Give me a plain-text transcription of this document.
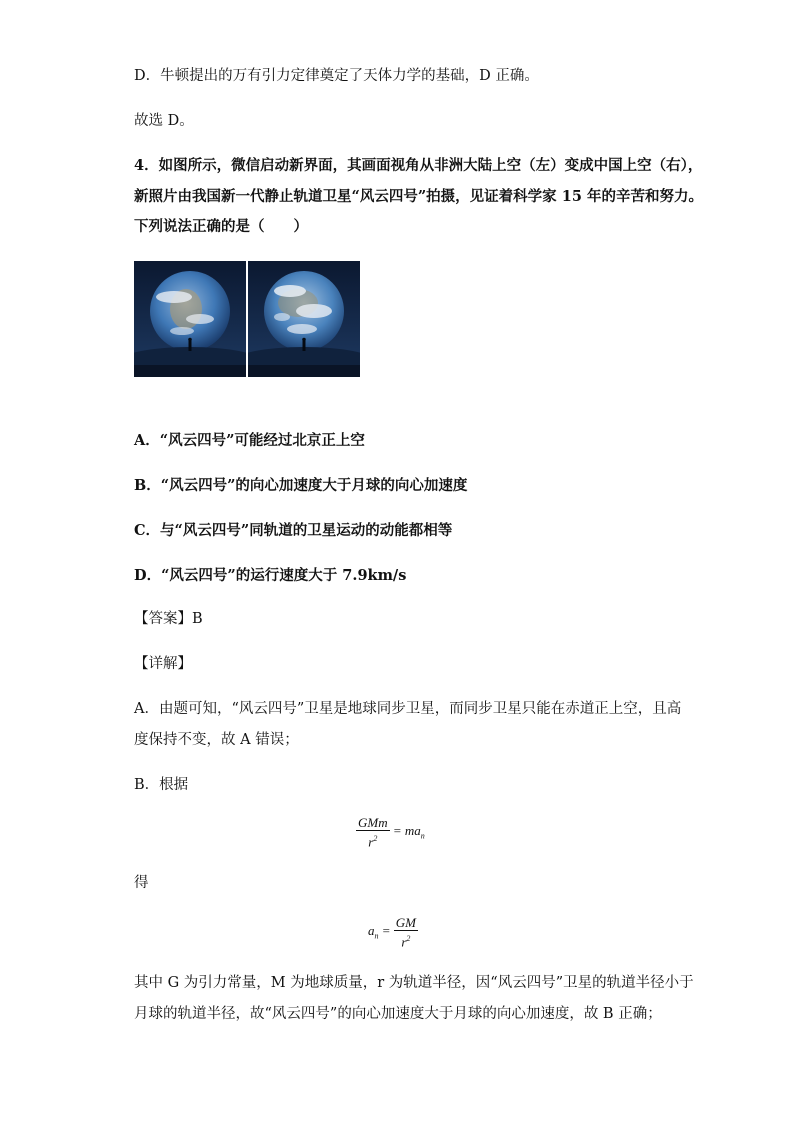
D．牛顿提出的万有引力定律奠定了天体力学的基础，D 正确。
故选 D。
4．如图所示，微信启动新界面，其画面视角从非洲大陆上空（左）变成中国上空（右），
新照片由我国新一代静止轨道卫星“风云四号”拍摄，见证着科学家 15 年的辛苦和努力。
下列说法正确的是（　　）
A．“风云四号”可能经过北京正上空
B．“风云四号”的向心加速度大于月球的向心加速度
C．与“风云四号”同轨道的卫星运动的动能都相等
D．“风云四号”的运行速度大于 7.9km/s
【答案】B
【详解】
A．由题可知，“风云四号”卫星是地球同步卫星，而同步卫星只能在赤道正上空，且高
度保持不变，故 A 错误；
B．根据
$\frac{\text{GMm}}{r^2} = ma_n$
得
$a_n = \frac{GM}{r^2}$
其中 G 为引力常量，M 为地球质量，r 为轨道半径，因“风云四号”卫星的轨道半径小于
月球的轨道半径，故“风云四号”的向心加速度大于月球的向心加速度，故 B 正确；
